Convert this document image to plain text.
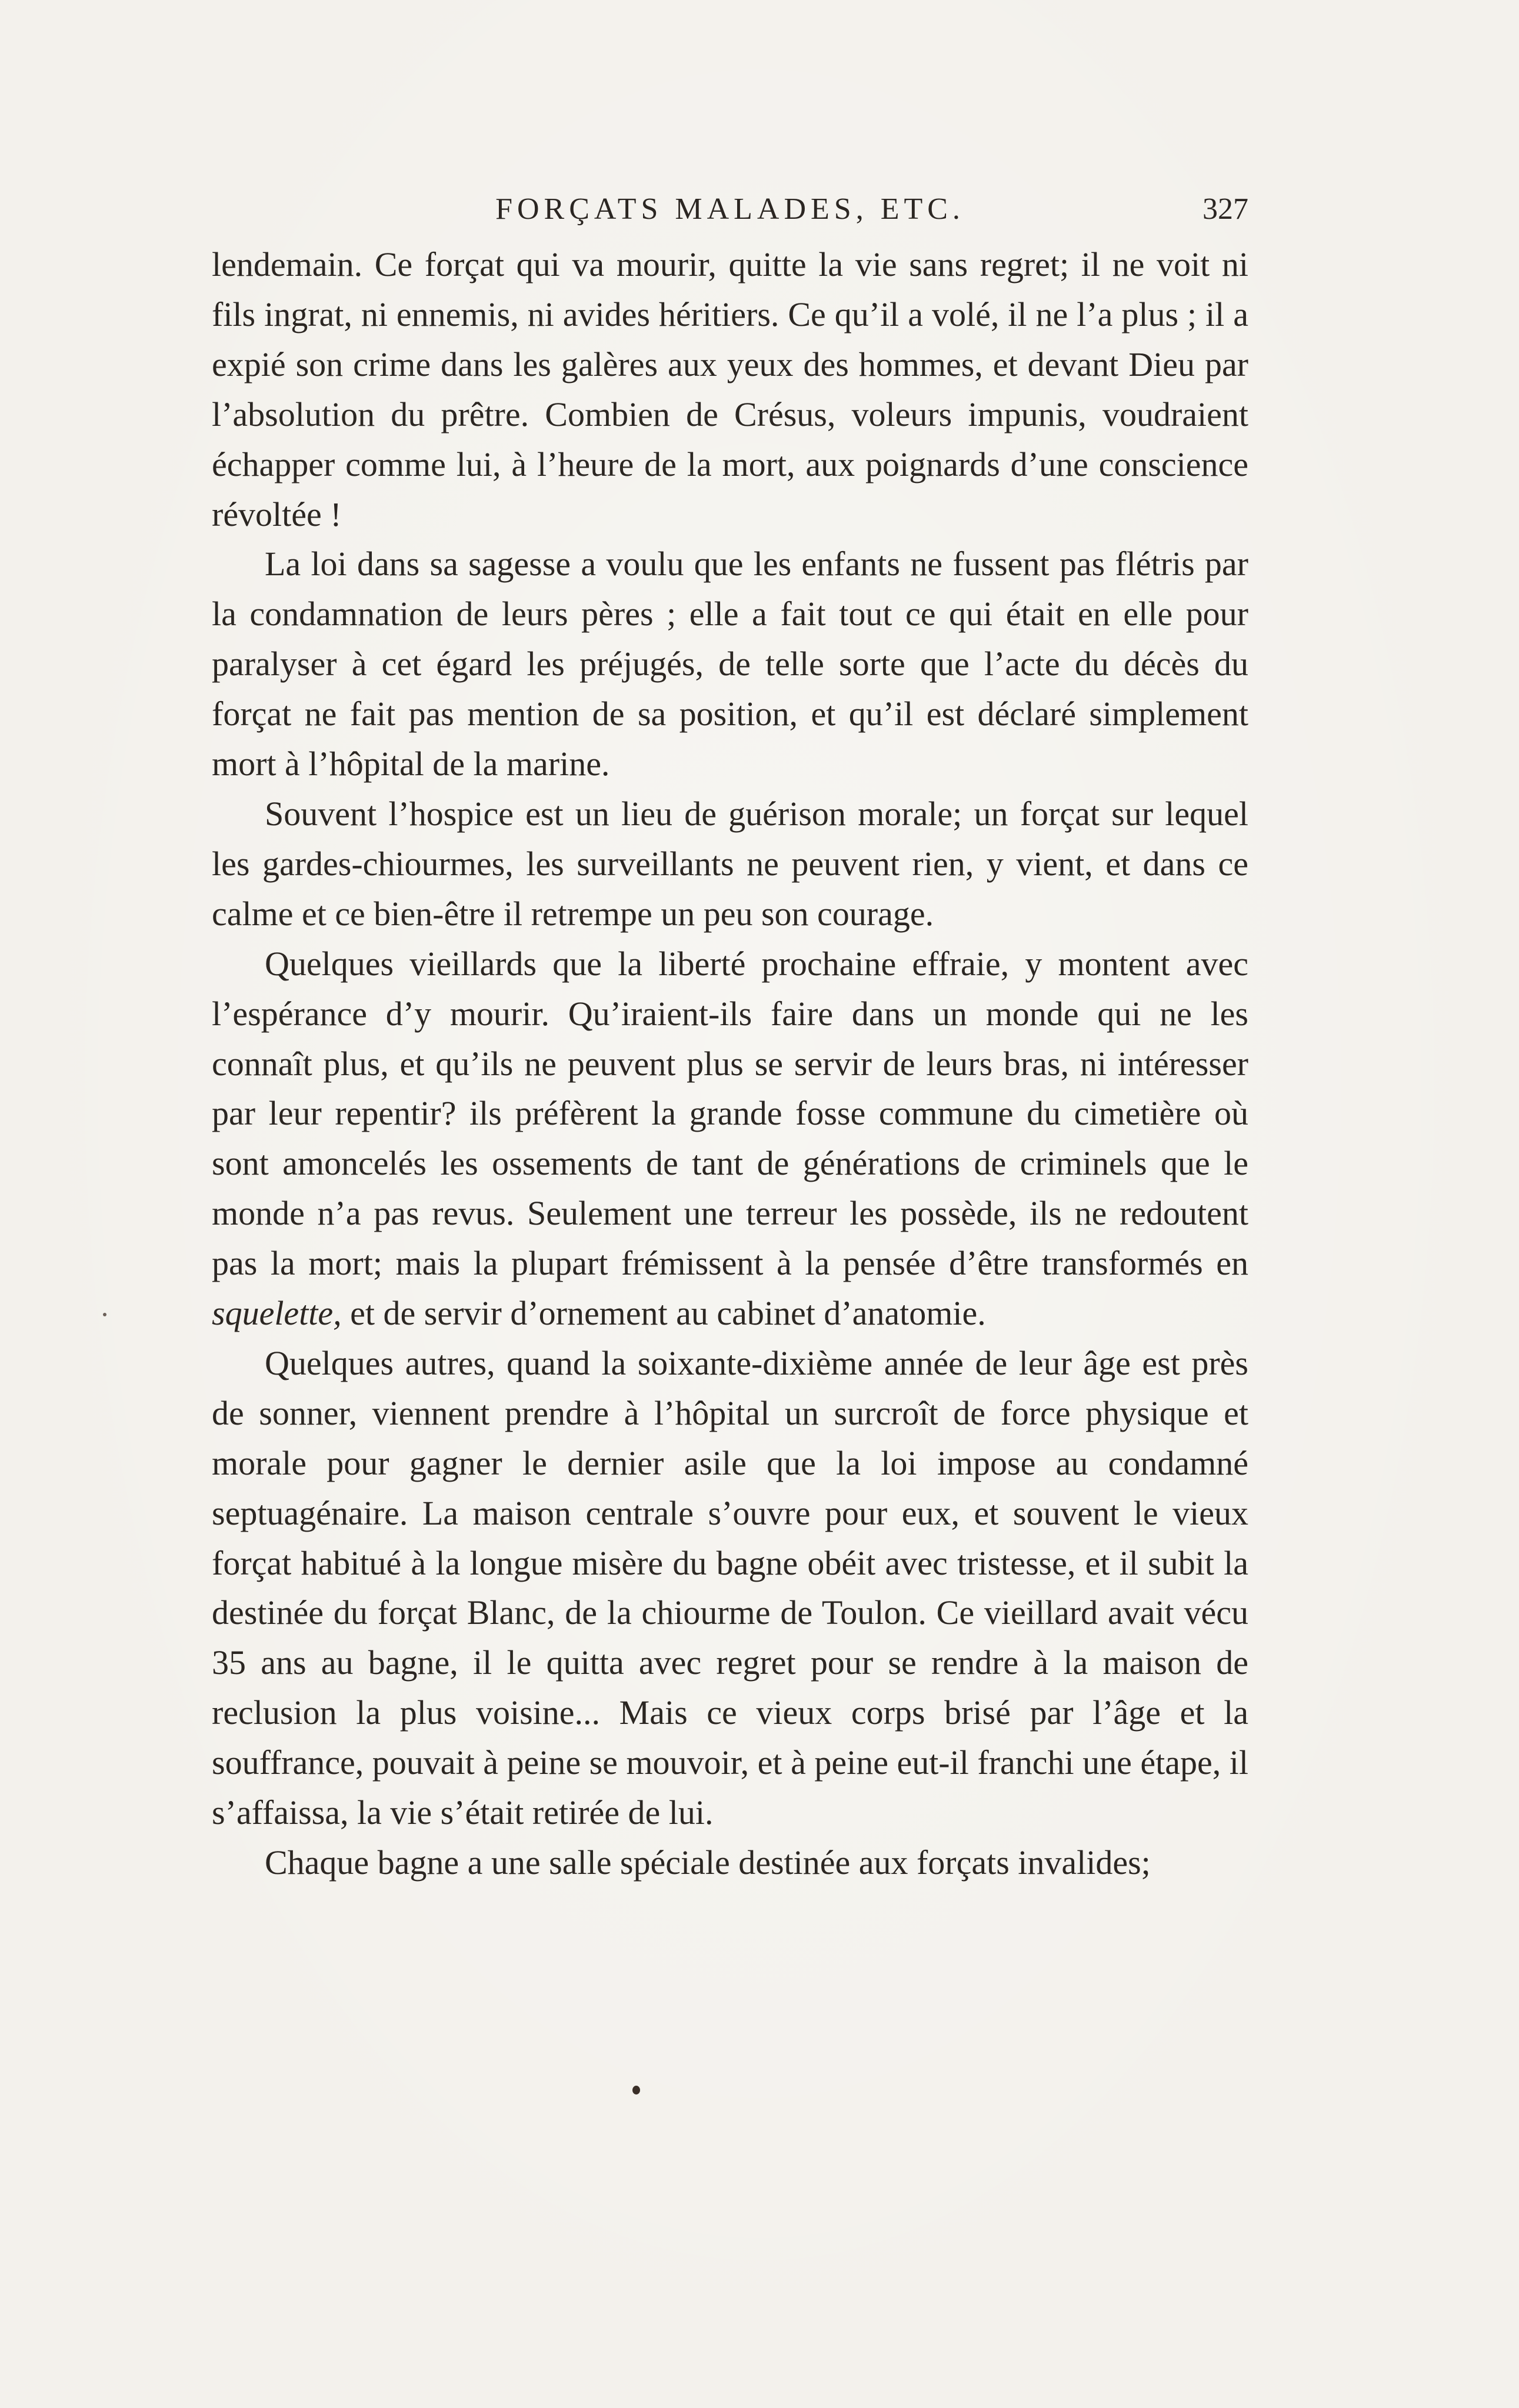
FORÇATS MALADES, ETC.	327

lendemain. Ce forçat qui va mourir, quitte la vie sans regret; il ne voit ni fils ingrat, ni ennemis, ni avides héritiers. Ce qu’il a volé, il ne l’a plus ; il a expié son crime dans les galères aux yeux des hommes, et devant Dieu par l’absolution du prêtre. Combien de Crésus, voleurs impunis, voudraient échapper comme lui, à l’heure de la mort, aux poignards d’une conscience révoltée !

La loi dans sa sagesse a voulu que les enfants ne fussent pas flétris par la condamnation de leurs pères ; elle a fait tout ce qui était en elle pour paralyser à cet égard les préjugés, de telle sorte que l’acte du décès du forçat ne fait pas mention de sa position, et qu’il est déclaré simplement mort à l’hôpital de la marine.

Souvent l’hospice est un lieu de guérison morale; un forçat sur lequel les gardes-chiourmes, les surveillants ne peuvent rien, y vient, et dans ce calme et ce bien-être il retrempe un peu son courage.

Quelques vieillards que la liberté prochaine effraie, y montent avec l’espérance d’y mourir. Qu’iraient-ils faire dans un monde qui ne les connaît plus, et qu’ils ne peuvent plus se servir de leurs bras, ni intéresser par leur repentir? ils préfèrent la grande fosse commune du cimetière où sont amoncelés les ossements de tant de générations de criminels que le monde n’a pas revus. Seulement une terreur les possède, ils ne redoutent pas la mort; mais la plupart frémissent à la pensée d’être transformés en squelette, et de servir d’ornement au cabinet d’anatomie.

Quelques autres, quand la soixante-dixième année de leur âge est près de sonner, viennent prendre à l’hôpital un surcroît de force physique et morale pour gagner le dernier asile que la loi impose au condamné septuagénaire. La maison centrale s’ouvre pour eux, et souvent le vieux forçat habitué à la longue misère du bagne obéit avec tristesse, et il subit la destinée du forçat Blanc, de la chiourme de Toulon. Ce vieillard avait vécu 35 ans au bagne, il le quitta avec regret pour se rendre à la maison de reclusion la plus voisine... Mais ce vieux corps brisé par l’âge et la souffrance, pouvait à peine se mouvoir, et à peine eut-il franchi une étape, il s’affaissa, la vie s’était retirée de lui.

Chaque bagne a une salle spéciale destinée aux forçats invalides;
